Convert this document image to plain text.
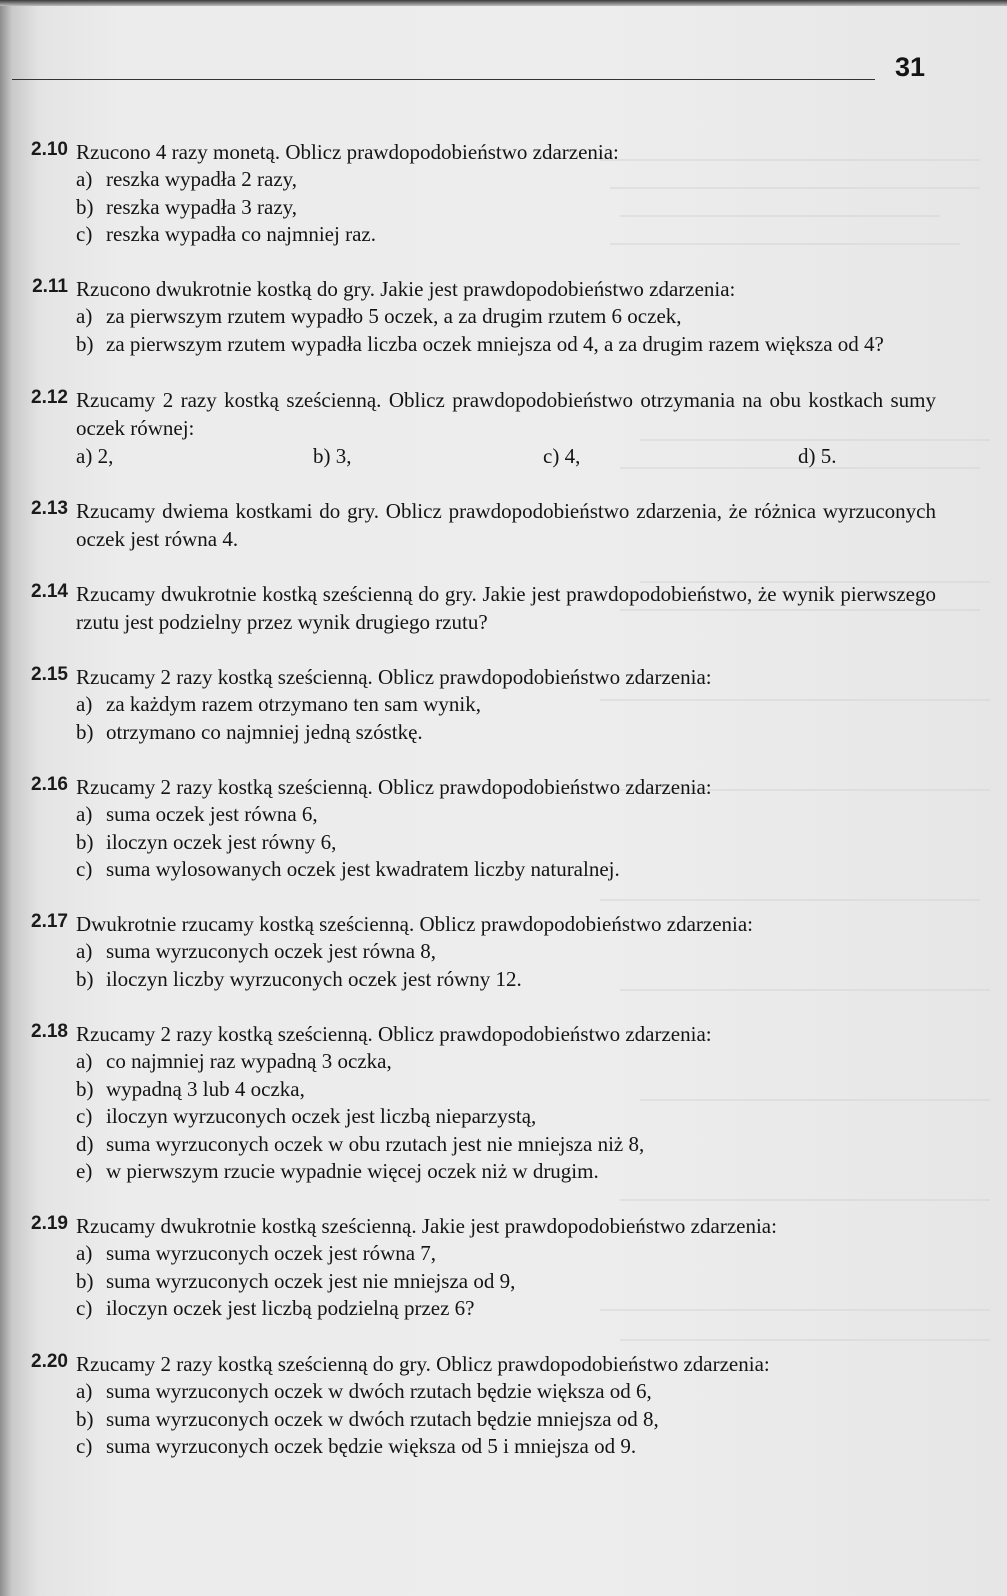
31
2.10 Rzucono 4 razy monetą. Oblicz prawdopodobieństwo zdarzenia:
a) reszka wypadła 2 razy,
b) reszka wypadła 3 razy,
c) reszka wypadła co najmniej raz.
2.11 Rzucono dwukrotnie kostką do gry. Jakie jest prawdopodobieństwo zdarzenia:
a) za pierwszym rzutem wypadło 5 oczek, a za drugim rzutem 6 oczek,
b) za pierwszym rzutem wypadła liczba oczek mniejsza od 4, a za drugim razem większa od 4?
2.12 Rzucamy 2 razy kostką sześcienną. Oblicz prawdopodobieństwo otrzymania na obu kostkach sumy oczek równej:
a) 2,	b) 3,	c) 4,	d) 5.
2.13 Rzucamy dwiema kostkami do gry. Oblicz prawdopodobieństwo zdarzenia, że różnica wyrzuconych oczek jest równa 4.
2.14 Rzucamy dwukrotnie kostką sześcienną do gry. Jakie jest prawdopodobieństwo, że wynik pierwszego rzutu jest podzielny przez wynik drugiego rzutu?
2.15 Rzucamy 2 razy kostką sześcienną. Oblicz prawdopodobieństwo zdarzenia:
a) za każdym razem otrzymano ten sam wynik,
b) otrzymano co najmniej jedną szóstkę.
2.16 Rzucamy 2 razy kostką sześcienną. Oblicz prawdopodobieństwo zdarzenia:
a) suma oczek jest równa 6,
b) iloczyn oczek jest równy 6,
c) suma wylosowanych oczek jest kwadratem liczby naturalnej.
2.17 Dwukrotnie rzucamy kostką sześcienną. Oblicz prawdopodobieństwo zdarzenia:
a) suma wyrzuconych oczek jest równa 8,
b) iloczyn liczby wyrzuconych oczek jest równy 12.
2.18 Rzucamy 2 razy kostką sześcienną. Oblicz prawdopodobieństwo zdarzenia:
a) co najmniej raz wypadną 3 oczka,
b) wypadną 3 lub 4 oczka,
c) iloczyn wyrzuconych oczek jest liczbą nieparzystą,
d) suma wyrzuconych oczek w obu rzutach jest nie mniejsza niż 8,
e) w pierwszym rzucie wypadnie więcej oczek niż w drugim.
2.19 Rzucamy dwukrotnie kostką sześcienną. Jakie jest prawdopodobieństwo zdarzenia:
a) suma wyrzuconych oczek jest równa 7,
b) suma wyrzuconych oczek jest nie mniejsza od 9,
c) iloczyn oczek jest liczbą podzielną przez 6?
2.20 Rzucamy 2 razy kostką sześcienną do gry. Oblicz prawdopodobieństwo zdarzenia:
a) suma wyrzuconych oczek w dwóch rzutach będzie większa od 6,
b) suma wyrzuconych oczek w dwóch rzutach będzie mniejsza od 8,
c) suma wyrzuconych oczek będzie większa od 5 i mniejsza od 9.
